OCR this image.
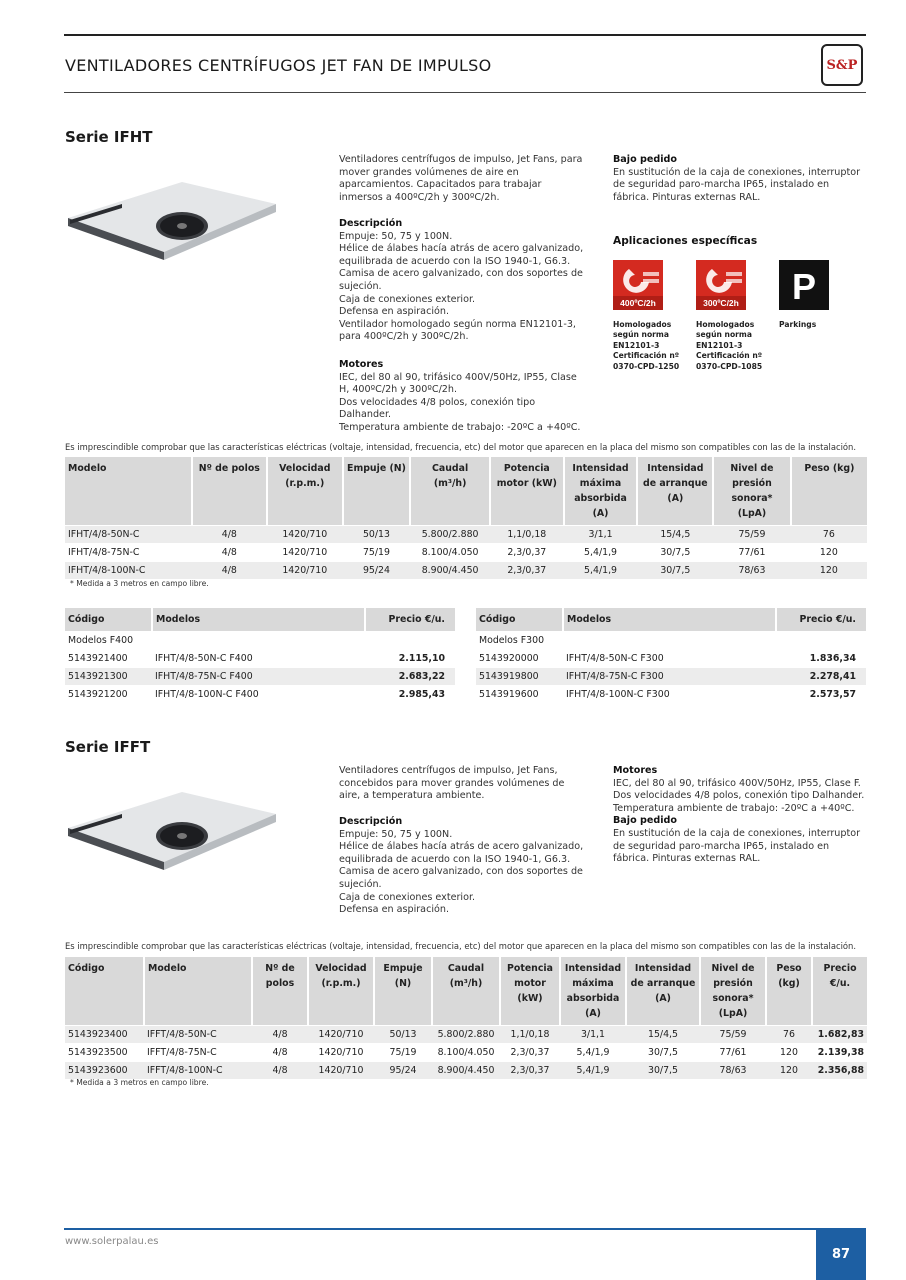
VENTILADORES CENTRÍFUGOS JET FAN DE IMPULSO	S&P
Serie IFHT
Ventiladores centrífugos de impulso, Jet Fans, para mover grandes volúmenes de aire en aparcamientos. Capacitados para trabajar inmersos a 400ºC/2h y 300ºC/2h.
Descripción
Empuje: 50, 75 y 100N.
Hélice de álabes hacía atrás de acero galvanizado, equilibrada de acuerdo con la ISO 1940-1, G6.3.
Camisa de acero galvanizado, con dos soportes de sujeción.
Caja de conexiones exterior.
Defensa en aspiración.
Ventilador homologado según norma EN12101-3, para 400ºC/2h y 300ºC/2h.
Motores
IEC, del 80 al 90, trifásico 400V/50Hz, IP55, Clase H, 400ºC/2h y 300ºC/2h.
Dos velocidades 4/8 polos, conexión tipo Dalhander.
Temperatura ambiente de trabajo: -20ºC a +40ºC.
Bajo pedido
En sustitución de la caja de conexiones, interruptor de seguridad paro-marcha IP65, instalado en fábrica. Pinturas externas RAL.
Aplicaciones específicas
400ºC/2h
Homologados
según norma
EN12101-3
Certificación nº
0370-CPD-1250
300ºC/2h
Homologados
según norma
EN12101-3
Certificación nº
0370-CPD-1085
P
Parkings
Es imprescindible comprobar que las características eléctricas (voltaje, intensidad, frecuencia, etc) del motor que aparecen en la placa del mismo son compatibles con las de la instalación.
Modelo	Nº de polos	Velocidad (r.p.m.)	Empuje (N)	Caudal (m³/h)	Potencia motor (kW)	Intensidad máxima absorbida (A)	Intensidad de arranque (A)	Nivel de presión sonora* (LpA)	Peso (kg)
IFHT/4/8-50N-C	4/8	1420/710	50/13	5.800/2.880	1,1/0,18	3/1,1	15/4,5	75/59	76
IFHT/4/8-75N-C	4/8	1420/710	75/19	8.100/4.050	2,3/0,37	5,4/1,9	30/7,5	77/61	120
IFHT/4/8-100N-C	4/8	1420/710	95/24	8.900/4.450	2,3/0,37	5,4/1,9	30/7,5	78/63	120
* Medida a 3 metros en campo libre.
Código	Modelos	Precio €/u.
Modelos F400		
5143921400	IFHT/4/8-50N-C F400	2.115,10
5143921300	IFHT/4/8-75N-C F400	2.683,22
5143921200	IFHT/4/8-100N-C F400	2.985,43
Código	Modelos	Precio €/u.
Modelos F300		
5143920000	IFHT/4/8-50N-C F300	1.836,34
5143919800	IFHT/4/8-75N-C F300	2.278,41
5143919600	IFHT/4/8-100N-C F300	2.573,57
Serie IFFT
Ventiladores centrífugos de impulso, Jet Fans, concebidos para mover grandes volúmenes de aire, a temperatura ambiente.
Descripción
Empuje: 50, 75 y 100N.
Hélice de álabes hacía atrás de acero galvanizado, equilibrada de acuerdo con la ISO 1940-1, G6.3.
Camisa de acero galvanizado, con dos soportes de sujeción.
Caja de conexiones exterior.
Defensa en aspiración.
Motores
IEC, del 80 al 90, trifásico 400V/50Hz, IP55, Clase F.
Dos velocidades 4/8 polos, conexión tipo Dalhander.
Temperatura ambiente de trabajo: -20ºC a +40ºC.
Bajo pedido
En sustitución de la caja de conexiones, interruptor de seguridad paro-marcha IP65, instalado en fábrica. Pinturas externas RAL.
Es imprescindible comprobar que las características eléctricas (voltaje, intensidad, frecuencia, etc) del motor que aparecen en la placa del mismo son compatibles con las de la instalación.
Código	Modelo	Nº de polos	Velocidad (r.p.m.)	Empuje (N)	Caudal (m³/h)	Potencia motor (kW)	Intensidad máxima absorbida (A)	Intensidad de arranque (A)	Nivel de presión sonora* (LpA)	Peso (kg)	Precio €/u.
5143923400	IFFT/4/8-50N-C	4/8	1420/710	50/13	5.800/2.880	1,1/0,18	3/1,1	15/4,5	75/59	76	1.682,83
5143923500	IFFT/4/8-75N-C	4/8	1420/710	75/19	8.100/4.050	2,3/0,37	5,4/1,9	30/7,5	77/61	120	2.139,38
5143923600	IFFT/4/8-100N-C	4/8	1420/710	95/24	8.900/4.450	2,3/0,37	5,4/1,9	30/7,5	78/63	120	2.356,88
* Medida a 3 metros en campo libre.
www.solerpalau.es
87
